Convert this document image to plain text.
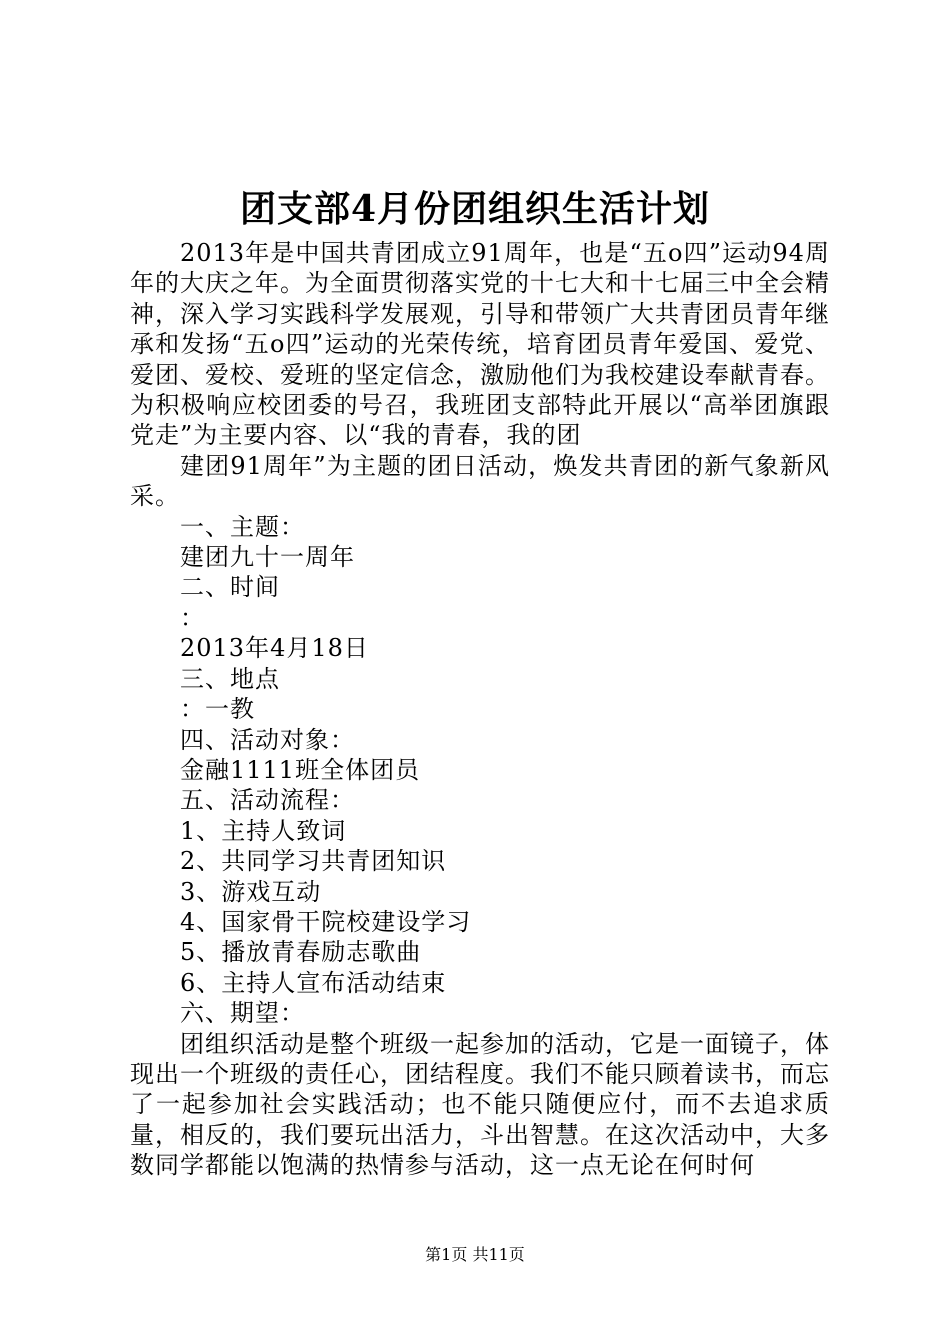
团支部4月份团组织生活计划

2013年是中国共青团成立91周年，也是“五o四”运动94周年的大庆之年。为全面贯彻落实党的十七大和十七届三中全会精神，深入学习实践科学发展观，引导和带领广大共青团员青年继承和发扬“五o四”运动的光荣传统，培育团员青年爱国、爱党、爱团、爱校、爱班的坚定信念，激励他们为我校建设奉献青春。为积极响应校团委的号召，我班团支部特此开展以“高举团旗跟党走”为主要内容、以“我的青春，我的团

建团91周年”为主题的团日活动，焕发共青团的新气象新风采。

一、主题：

建团九十一周年

二、时间

：

2013年4月18日

三、地点

：一教

四、活动对象：

金融1111班全体团员

五、活动流程：

1、主持人致词

2、共同学习共青团知识

3、游戏互动

4、国家骨干院校建设学习

5、播放青春励志歌曲

6、主持人宣布活动结束

六、期望：

团组织活动是整个班级一起参加的活动，它是一面镜子，体现出一个班级的责任心，团结程度。我们不能只顾着读书，而忘了一起参加社会实践活动；也不能只随便应付，而不去追求质量，相反的，我们要玩出活力，斗出智慧。在这次活动中，大多数同学都能以饱满的热情参与活动，这一点无论在何时何

第1页 共11页
